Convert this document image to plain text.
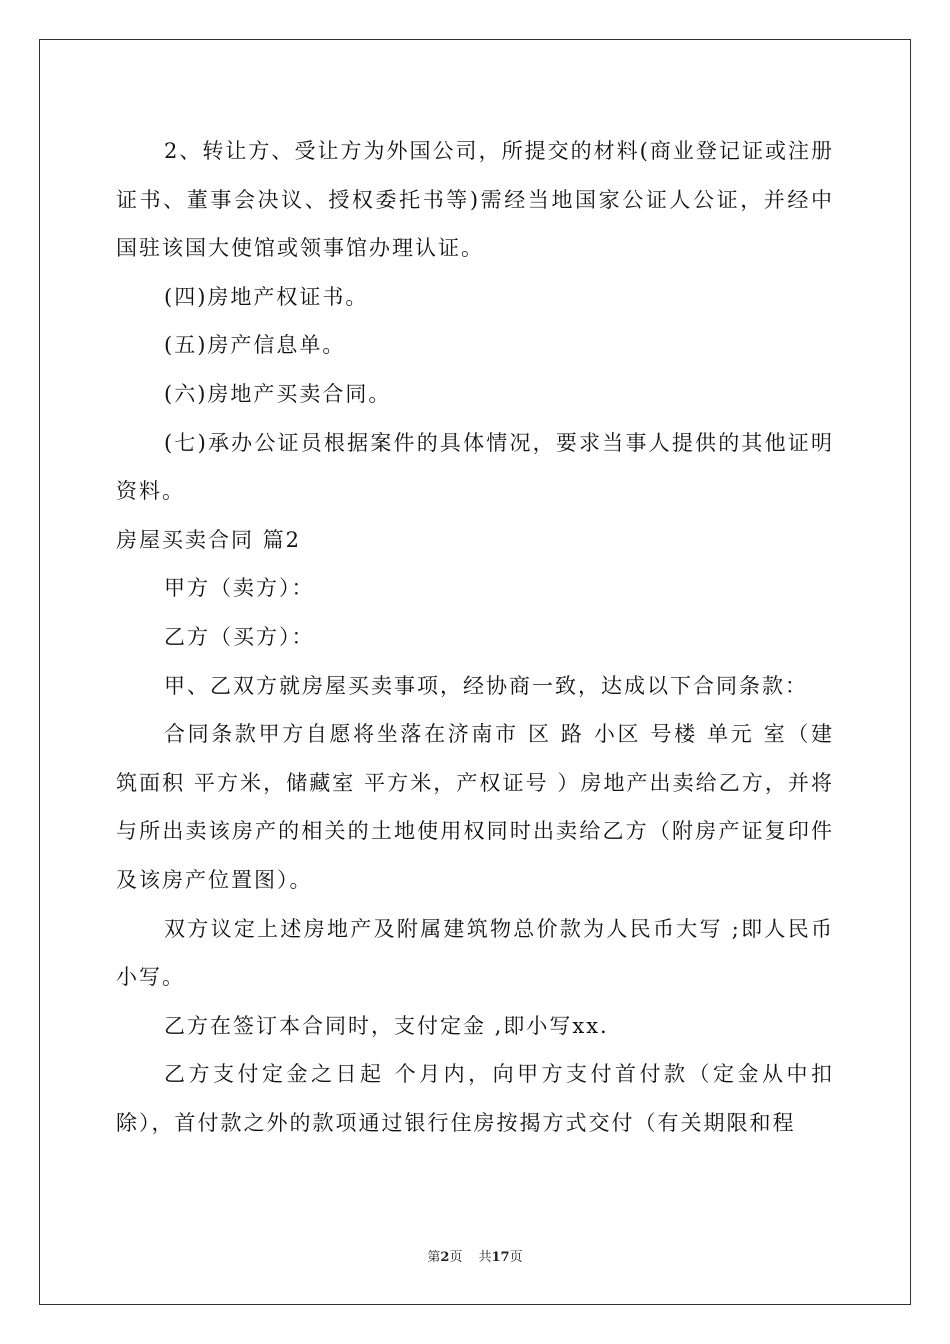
2、转让方、受让方为外国公司，所提交的材料(商业登记证或注册证书、董事会决议、授权委托书等)需经当地国家公证人公证，并经中国驻该国大使馆或领事馆办理认证。

(四)房地产权证书。

(五)房产信息单。

(六)房地产买卖合同。

(七)承办公证员根据案件的具体情况，要求当事人提供的其他证明资料。

房屋买卖合同 篇2

甲方（卖方）：

乙方（买方）：

甲、乙双方就房屋买卖事项，经协商一致，达成以下合同条款：

合同条款甲方自愿将坐落在济南市 区 路 小区 号楼 单元 室（建筑面积 平方米，储藏室 平方米，产权证号 ）房地产出卖给乙方，并将与所出卖该房产的相关的土地使用权同时出卖给乙方（附房产证复印件及该房产位置图）。

双方议定上述房地产及附属建筑物总价款为人民币大写 ;即人民币小写。

乙方在签订本合同时，支付定金 ,即小写xx.

乙方支付定金之日起 个月内，向甲方支付首付款（定金从中扣除），首付款之外的款项通过银行住房按揭方式交付（有关期限和程

第2页 共17页
